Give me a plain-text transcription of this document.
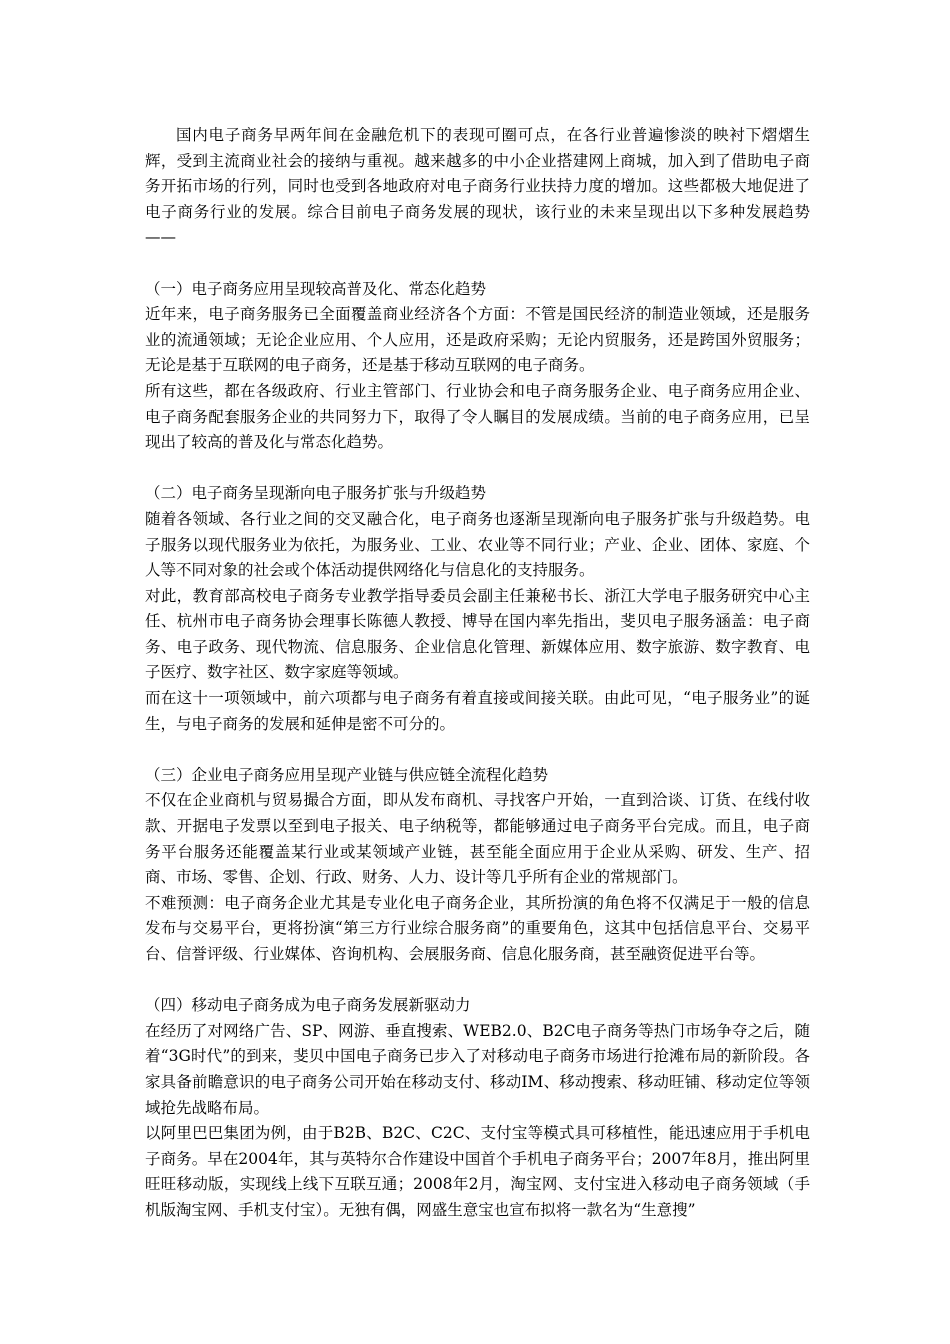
国内电子商务早两年间在金融危机下的表现可圈可点，在各行业普遍惨淡的映衬下熠熠生辉，受到主流商业社会的接纳与重视。越来越多的中小企业搭建网上商城，加入到了借助电子商务开拓市场的行列，同时也受到各地政府对电子商务行业扶持力度的增加。这些都极大地促进了电子商务行业的发展。综合目前电子商务发展的现状，该行业的未来呈现出以下多种发展趋势——

（一）电子商务应用呈现较高普及化、常态化趋势

近年来，电子商务服务已全面覆盖商业经济各个方面：不管是国民经济的制造业领域，还是服务业的流通领域；无论企业应用、个人应用，还是政府采购；无论内贸服务，还是跨国外贸服务；无论是基于互联网的电子商务，还是基于移动互联网的电子商务。

所有这些，都在各级政府、行业主管部门、行业协会和电子商务服务企业、电子商务应用企业、电子商务配套服务企业的共同努力下，取得了令人瞩目的发展成绩。当前的电子商务应用，已呈现出了较高的普及化与常态化趋势。

（二）电子商务呈现渐向电子服务扩张与升级趋势

随着各领域、各行业之间的交叉融合化，电子商务也逐渐呈现渐向电子服务扩张与升级趋势。电子服务以现代服务业为依托，为服务业、工业、农业等不同行业；产业、企业、团体、家庭、个人等不同对象的社会或个体活动提供网络化与信息化的支持服务。

对此，教育部高校电子商务专业教学指导委员会副主任兼秘书长、浙江大学电子服务研究中心主任、杭州市电子商务协会理事长陈德人教授、博导在国内率先指出，斐贝电子服务涵盖：电子商务、电子政务、现代物流、信息服务、企业信息化管理、新媒体应用、数字旅游、数字教育、电子医疗、数字社区、数字家庭等领域。

而在这十一项领域中，前六项都与电子商务有着直接或间接关联。由此可见，“电子服务业”的诞生，与电子商务的发展和延伸是密不可分的。

（三）企业电子商务应用呈现产业链与供应链全流程化趋势

不仅在企业商机与贸易撮合方面，即从发布商机、寻找客户开始，一直到洽谈、订货、在线付收款、开据电子发票以至到电子报关、电子纳税等，都能够通过电子商务平台完成。而且，电子商务平台服务还能覆盖某行业或某领域产业链，甚至能全面应用于企业从采购、研发、生产、招商、市场、零售、企划、行政、财务、人力、设计等几乎所有企业的常规部门。

不难预测：电子商务企业尤其是专业化电子商务企业，其所扮演的角色将不仅满足于一般的信息发布与交易平台，更将扮演“第三方行业综合服务商”的重要角色，这其中包括信息平台、交易平台、信誉评级、行业媒体、咨询机构、会展服务商、信息化服务商，甚至融资促进平台等。

（四）移动电子商务成为电子商务发展新驱动力

在经历了对网络广告、SP、网游、垂直搜索、WEB2.0、B2C电子商务等热门市场争夺之后，随着“3G时代”的到来，斐贝中国电子商务已步入了对移动电子商务市场进行抢滩布局的新阶段。各家具备前瞻意识的电子商务公司开始在移动支付、移动IM、移动搜索、移动旺铺、移动定位等领域抢先战略布局。

以阿里巴巴集团为例，由于B2B、B2C、C2C、支付宝等模式具可移植性，能迅速应用于手机电子商务。早在2004年，其与英特尔合作建设中国首个手机电子商务平台；2007年8月，推出阿里旺旺移动版，实现线上线下互联互通；2008年2月，淘宝网、支付宝进入移动电子商务领域（手机版淘宝网、手机支付宝）。无独有偶，网盛生意宝也宣布拟将一款名为“生意搜”
